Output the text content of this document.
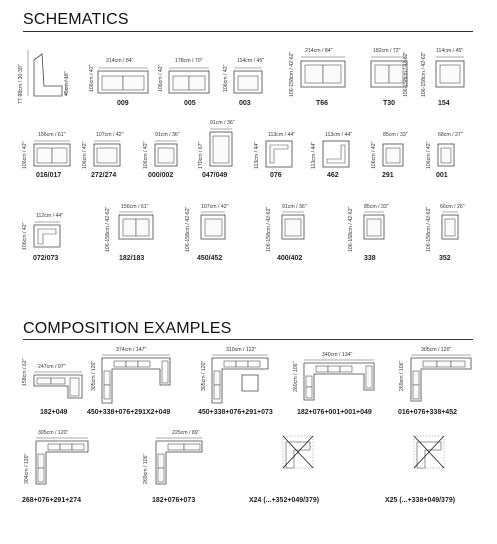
SCHEMATICS
COMPOSITION EXAMPLES
77-98cm / 30-39"	45cm / 18"
214cm / 84"
106cm / 42"
009
178cm / 70"
106cm / 42"
005
114cm / 45"
106cm / 42"
003
214cm / 84"
106-158cm / 42-62"
T66
182cm / 72"
T30
106-158cm / 42-62"
114cm / 45"
106-158cm / 42-62"
154
156cm / 61"
106cm / 42"
016/017
107cm / 42"
106cm / 42"
272/274
91cm / 36"
106cm / 42"
000/002
91cm / 36"
170cm / 67"
047/049
113cm / 44"
113cm / 44"
076
113cm / 44"
113cm / 44"
462
85cm / 33"
106cm / 42"
291
68cm / 27"
106cm / 42"
001
112cm / 44"
106cm / 42"
072/073
156cm / 61"
106-158cm / 42-62"
182/183
107cm / 42"
106-158cm / 42-62"
450/452
91cm / 36"
106-158cm / 42-62"
400/402
85cm / 33"
106-158cm / 42-62"
338
66cm / 26"
106-158cm / 42-62"
352
247cm / 97"
158cm / 62"
182+049
374cm / 147"
305cm / 120"
450+338+076+291X2+049
310cm / 122"
305cm / 120"
450+338+076+291+073
340cm / 134"
260cm / 106"
182+076+001+001+049
305cm / 120"
269cm / 106"
016+076+338+452
305cm / 120"
304cm / 120"
268+076+291+274
225cm / 89"
269cm / 106"
182+076+073	X24 (...+352+049/379)	X25 (...+338+049/379)
